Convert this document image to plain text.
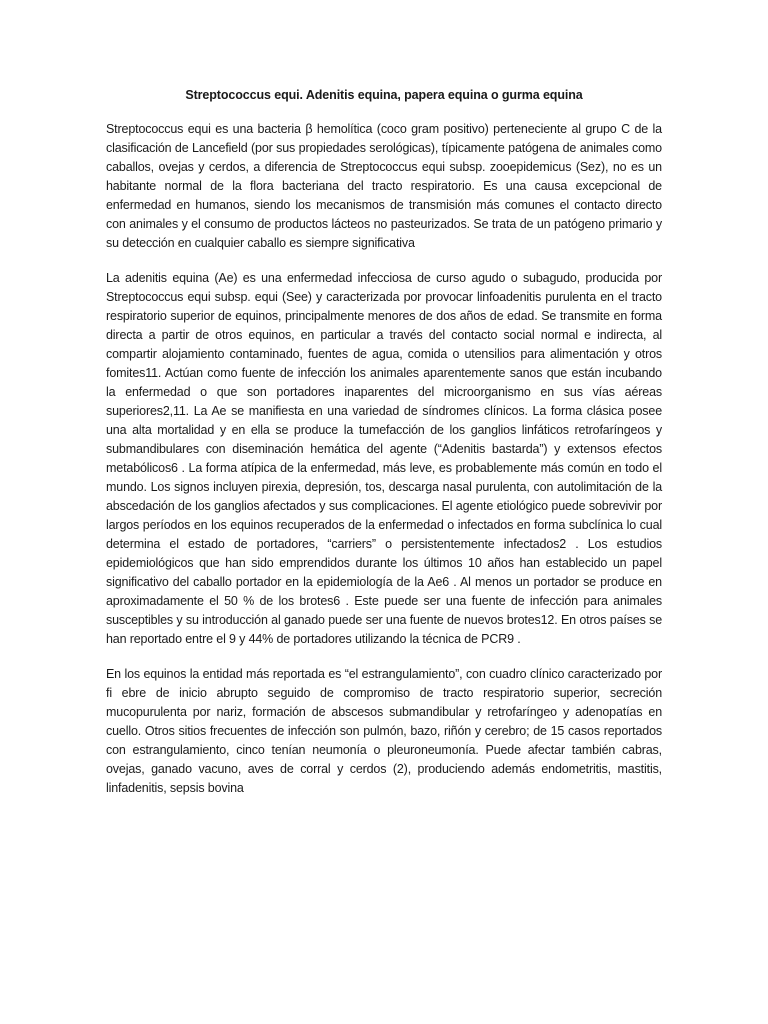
Streptococcus equi. Adenitis equina, papera equina o gurma equina

Streptococcus equi es una bacteria β hemolítica (coco gram positivo) perteneciente al grupo C de la clasificación de Lancefield (por sus propiedades serológicas), típicamente patógena de animales como caballos, ovejas y cerdos, a diferencia de Streptococcus equi subsp. zooepidemicus (Sez), no es un habitante normal de la flora bacteriana del tracto respiratorio. Es una causa excepcional de enfermedad en humanos, siendo los mecanismos de transmisión más comunes el contacto directo con animales y el consumo de productos lácteos no pasteurizados. Se trata de un patógeno primario y su detección en cualquier caballo es siempre significativa

La adenitis equina (Ae) es una enfermedad infecciosa de curso agudo o subagudo, producida por Streptococcus equi subsp. equi (See) y caracterizada por provocar linfoadenitis purulenta en el tracto respiratorio superior de equinos, principalmente menores de dos años de edad. Se transmite en forma directa a partir de otros equinos, en particular a través del contacto social normal e indirecta, al compartir alojamiento contaminado, fuentes de agua, comida o utensilios para alimentación y otros fomites11. Actúan como fuente de infección los animales aparentemente sanos que están incubando la enfermedad o que son portadores inaparentes del microorganismo en sus vías aéreas superiores2,11. La Ae se manifiesta en una variedad de síndromes clínicos. La forma clásica posee una alta mortalidad y en ella se produce la tumefacción de los ganglios linfáticos retrofaríngeos y submandibulares con diseminación hemática del agente (“Adenitis bastarda”) y extensos efectos metabólicos6 . La forma atípica de la enfermedad, más leve, es probablemente más común en todo el mundo. Los signos incluyen pirexia, depresión, tos, descarga nasal purulenta, con autolimitación de la abscedación de los ganglios afectados y sus complicaciones. El agente etiológico puede sobrevivir por largos períodos en los equinos recuperados de la enfermedad o infectados en forma subclínica lo cual determina el estado de portadores, “carriers” o persistentemente infectados2 . Los estudios epidemiológicos que han sido emprendidos durante los últimos 10 años han establecido un papel significativo del caballo portador en la epidemiología de la Ae6 . Al menos un portador se produce en aproximadamente el 50 % de los brotes6 . Este puede ser una fuente de infección para animales susceptibles y su introducción al ganado puede ser una fuente de nuevos brotes12. En otros países se han reportado entre el 9 y 44% de portadores utilizando la técnica de PCR9 .

En los equinos la entidad más reportada es “el estrangulamiento”, con cuadro clínico caracterizado por fi ebre de inicio abrupto seguido de compromiso de tracto respiratorio superior, secreción mucopurulenta por nariz, formación de abscesos submandibular y retrofaríngeo y adenopatías en cuello. Otros sitios frecuentes de infección son pulmón, bazo, riñón y cerebro; de 15 casos reportados con estrangulamiento, cinco tenían neumonía o pleuroneumonía. Puede afectar también cabras, ovejas, ganado vacuno, aves de corral y cerdos (2), produciendo además endometritis, mastitis, linfadenitis, sepsis bovina
